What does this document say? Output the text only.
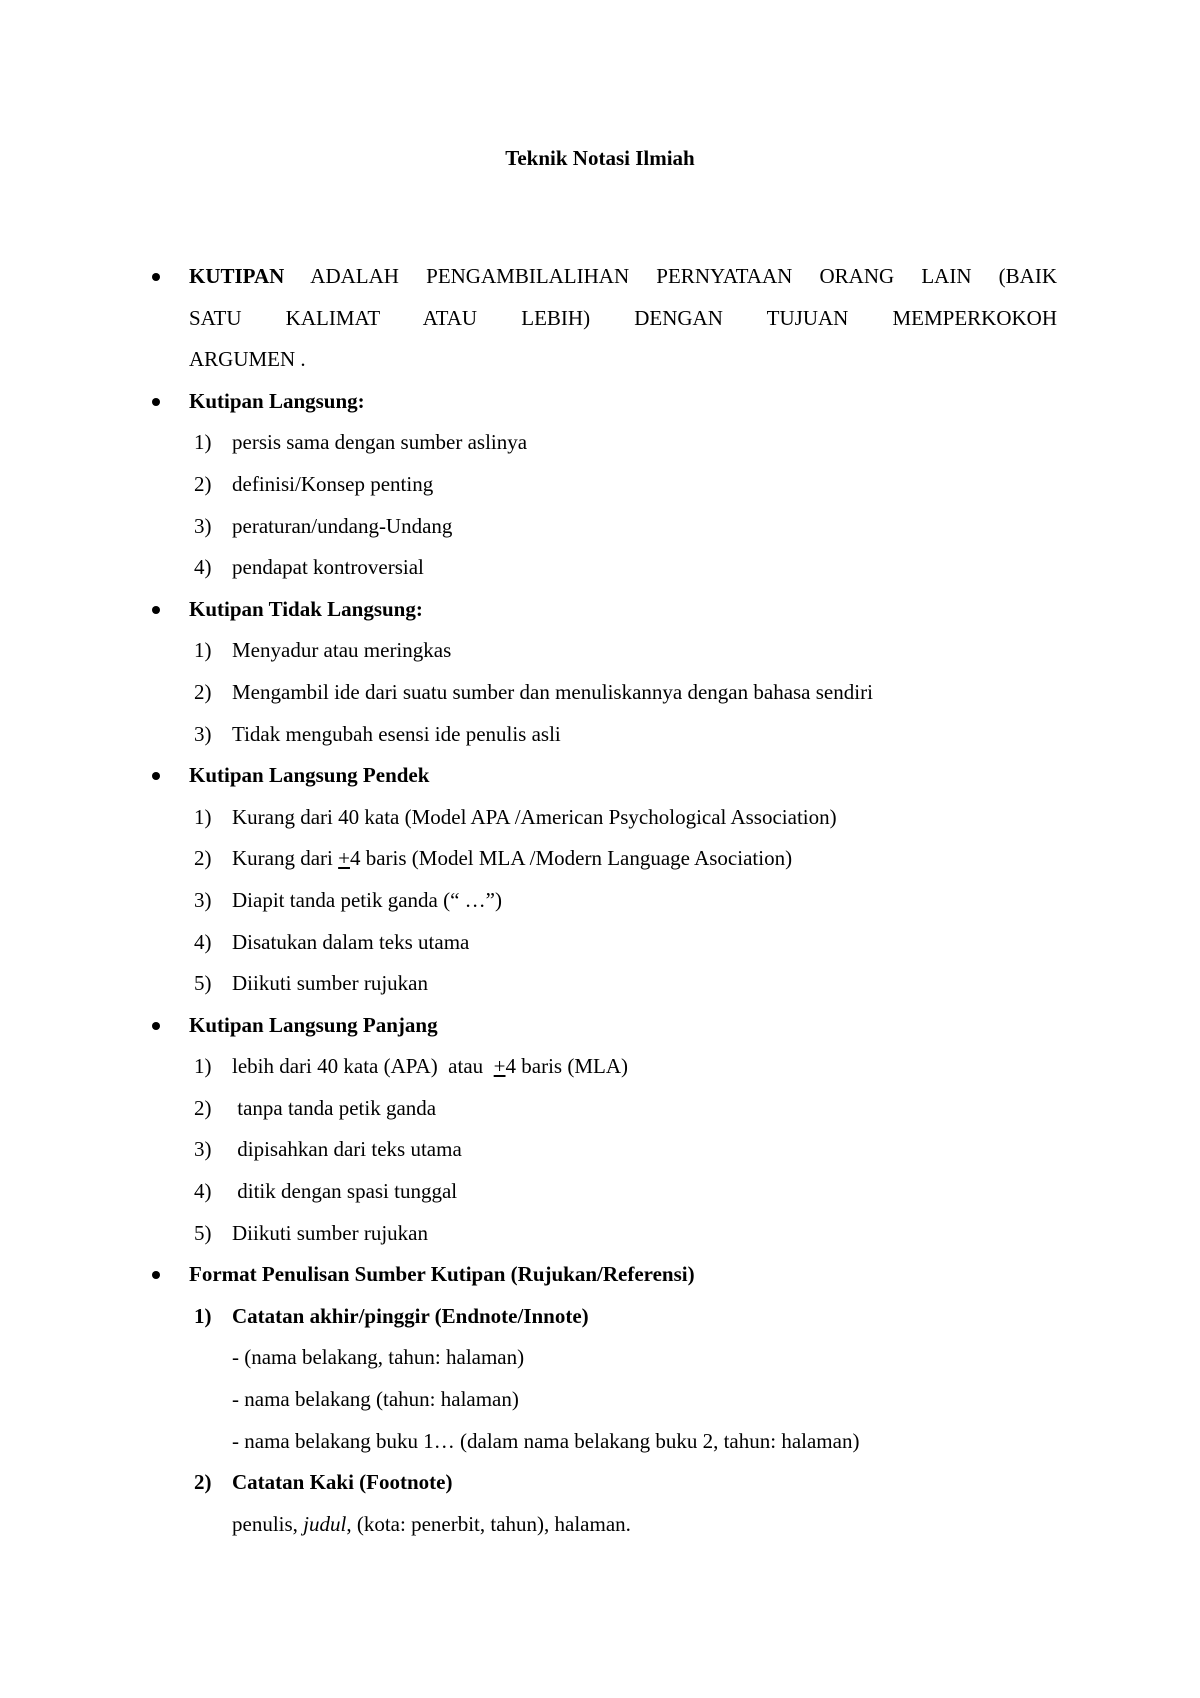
Teknik Notasi Ilmiah
KUTIPAN ADALAH PENGAMBILALIHAN PERNYATAAN ORANG LAIN (BAIK
SATU KALIMAT ATAU LEBIH) DENGAN TUJUAN MEMPERKOKOH
ARGUMEN .
Kutipan Langsung:
1) persis sama dengan sumber aslinya
2) definisi/Konsep penting
3) peraturan/undang-Undang
4) pendapat kontroversial
Kutipan Tidak Langsung:
1) Menyadur atau meringkas
2) Mengambil ide dari suatu sumber dan menuliskannya dengan bahasa sendiri
3) Tidak mengubah esensi ide penulis asli
Kutipan Langsung Pendek
1) Kurang dari 40 kata (Model APA /American Psychological Association)
2) Kurang dari +4 baris (Model MLA /Modern Language Asociation)
3) Diapit tanda petik ganda (“ …”)
4) Disatukan dalam teks utama
5) Diikuti sumber rujukan
Kutipan Langsung Panjang
1) lebih dari 40 kata (APA)  atau  +4 baris (MLA)
2) tanpa tanda petik ganda
3) dipisahkan dari teks utama
4) ditik dengan spasi tunggal
5) Diikuti sumber rujukan
Format Penulisan Sumber Kutipan (Rujukan/Referensi)
1) Catatan akhir/pinggir (Endnote/Innote)
- (nama belakang, tahun: halaman)
- nama belakang (tahun: halaman)
- nama belakang buku 1… (dalam nama belakang buku 2, tahun: halaman)
2) Catatan Kaki (Footnote)
penulis, judul, (kota: penerbit, tahun), halaman.
